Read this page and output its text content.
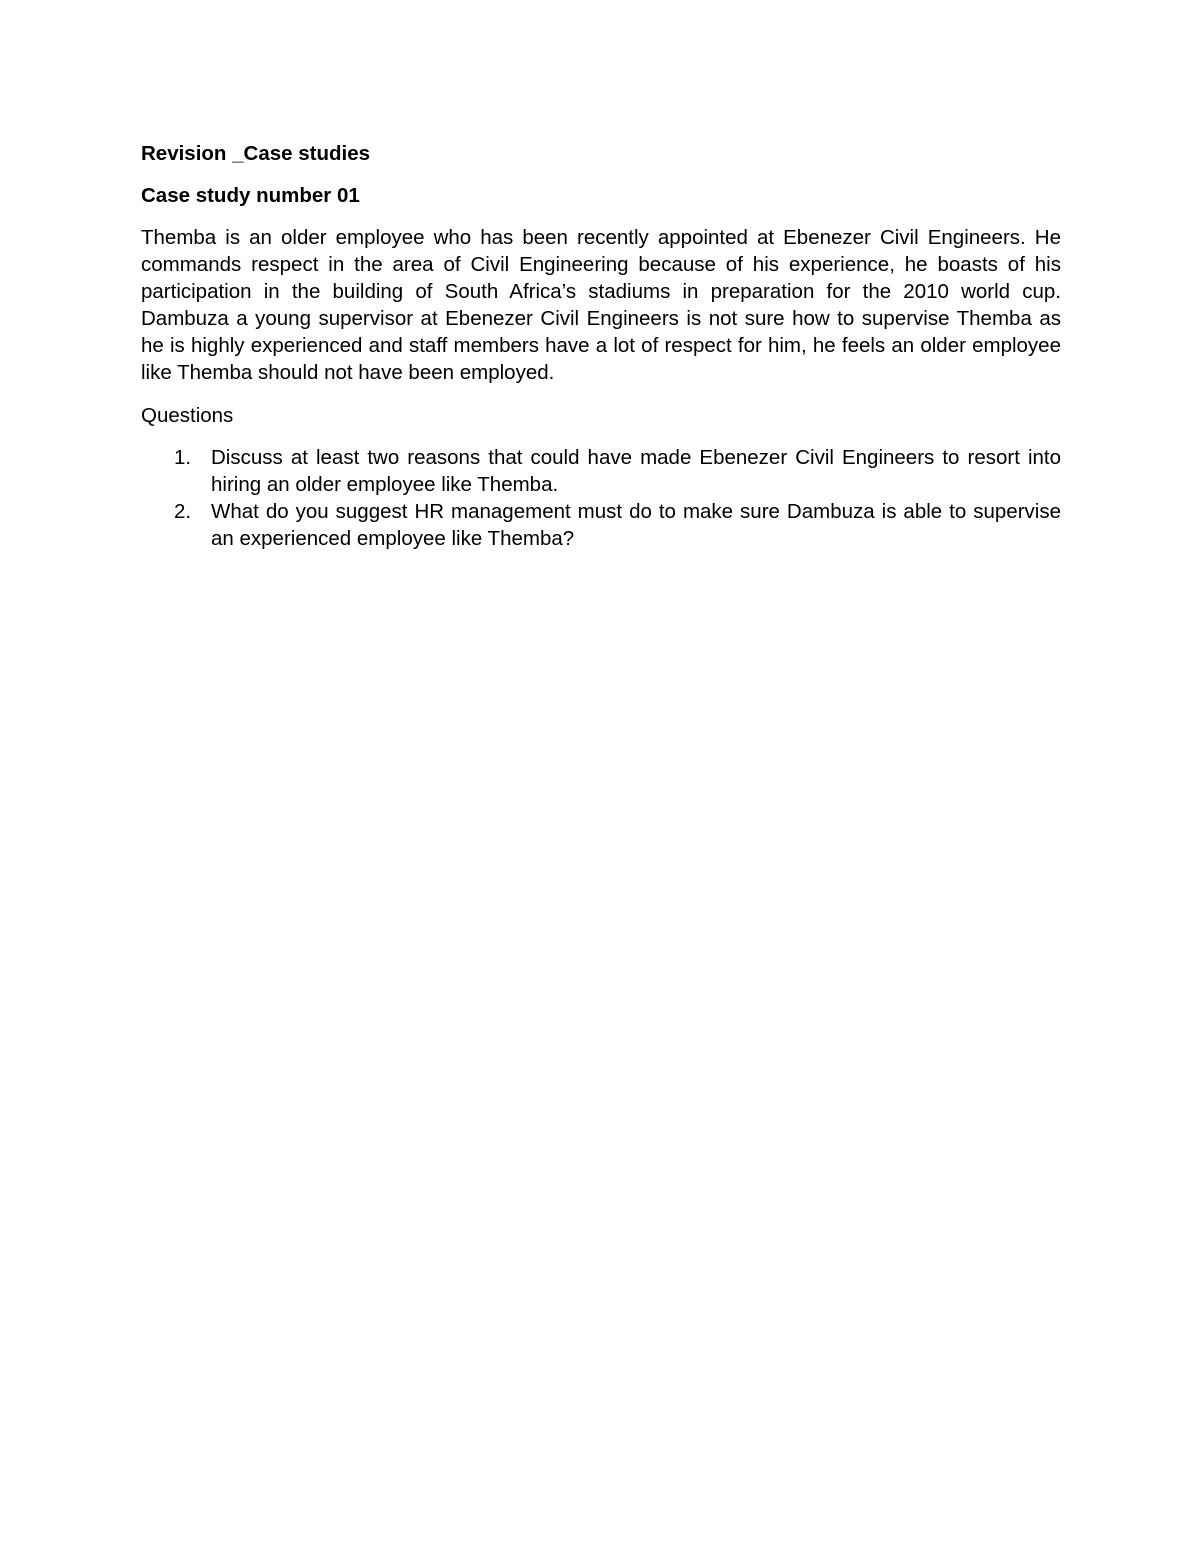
Revision _Case studies

Case study number 01

Themba is an older employee who has been recently appointed at Ebenezer Civil Engineers. He commands respect in the area of Civil Engineering because of his experience, he boasts of his participation in the building of South Africa’s stadiums in preparation for the 2010 world cup. Dambuza a young supervisor at Ebenezer Civil Engineers is not sure how to supervise Themba as he is highly experienced and staff members have a lot of respect for him, he feels an older employee like Themba should not have been employed.

Questions

1. Discuss at least two reasons that could have made Ebenezer Civil Engineers to resort into hiring an older employee like Themba.
2. What do you suggest HR management must do to make sure Dambuza is able to supervise an experienced employee like Themba?
